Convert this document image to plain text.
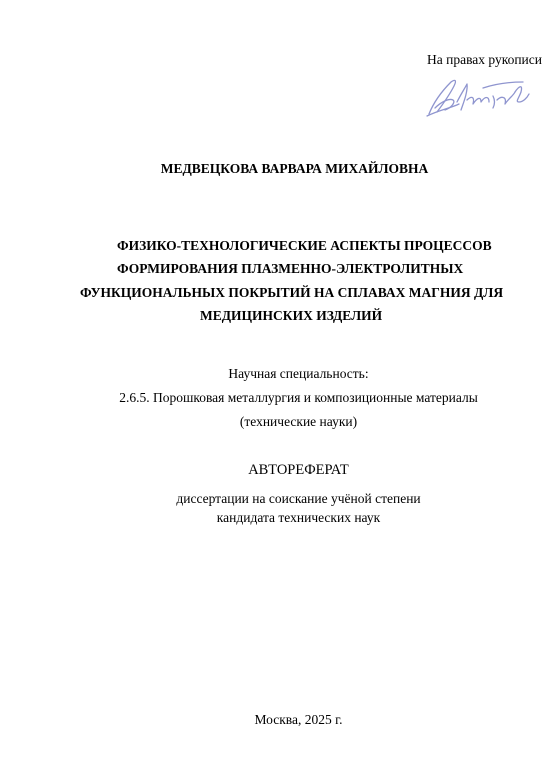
На правах рукописи
МЕДВЕЦКОВА ВАРВАРА МИХАЙЛОВНА
ФИЗИКО-ТЕХНОЛОГИЧЕСКИЕ АСПЕКТЫ ПРОЦЕССОВ
ФОРМИРОВАНИЯ ПЛАЗМЕННО-ЭЛЕКТРОЛИТНЫХ
ФУНКЦИОНАЛЬНЫХ ПОКРЫТИЙ НА СПЛАВАХ МАГНИЯ ДЛЯ
МЕДИЦИНСКИХ ИЗДЕЛИЙ
Научная специальность:
2.6.5. Порошковая металлургия и композиционные материалы
(технические науки)
АВТОРЕФЕРАТ
диссертации на соискание учёной степени
кандидата технических наук
Москва, 2025 г.
